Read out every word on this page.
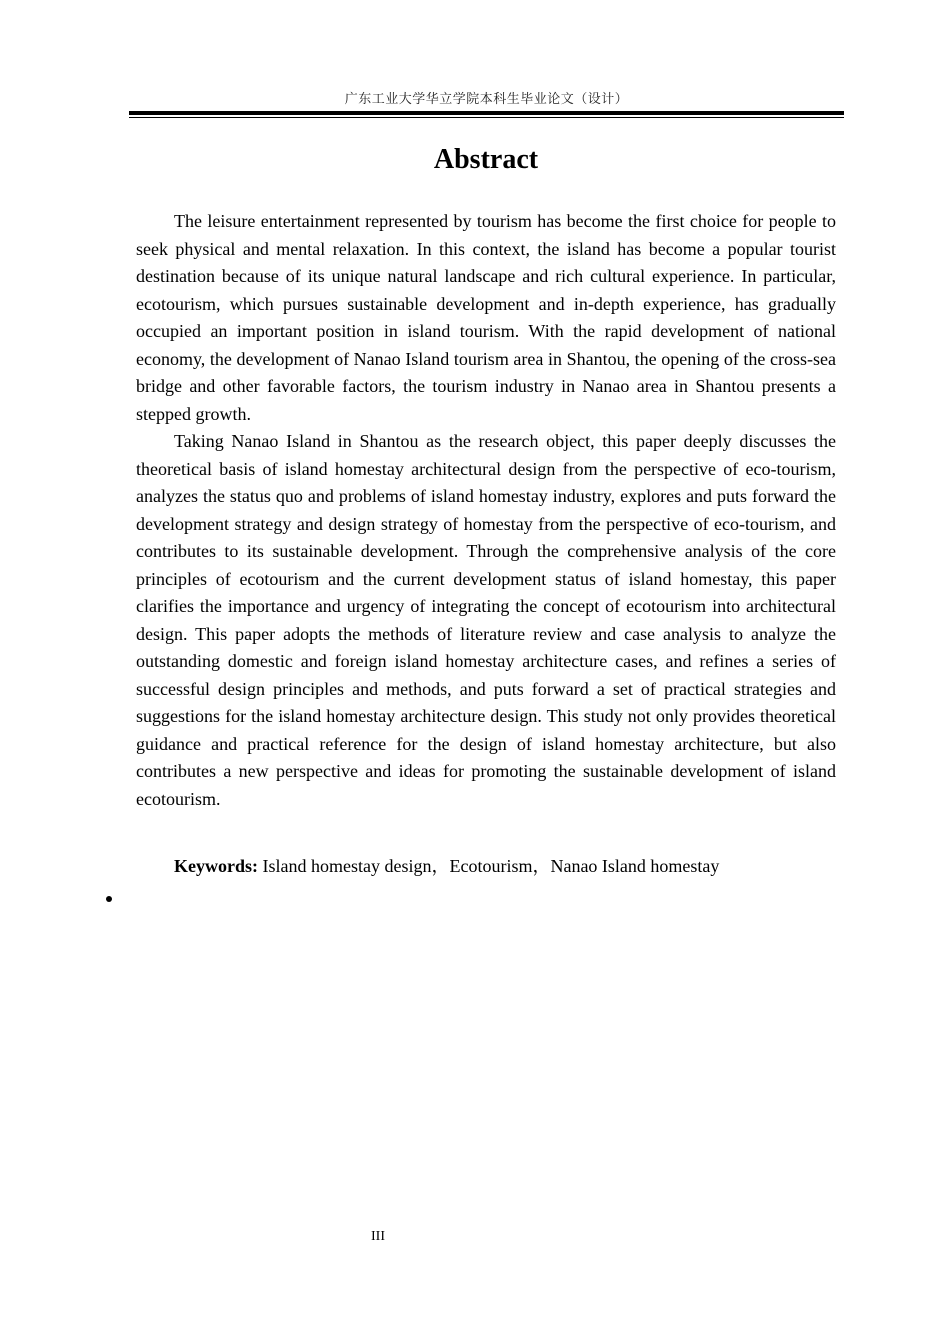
广东工业大学华立学院本科生毕业论文（设计）
Abstract

The leisure entertainment represented by tourism has become the first choice for people to seek physical and mental relaxation. In this context, the island has become a popular tourist destination because of its unique natural landscape and rich cultural experience. In particular, ecotourism, which pursues sustainable development and in-depth experience, has gradually occupied an important position in island tourism. With the rapid development of national economy, the development of Nanao Island tourism area in Shantou, the opening of the cross-sea bridge and other favorable factors, the tourism industry in Nanao area in Shantou presents a stepped growth.

Taking Nanao Island in Shantou as the research object, this paper deeply discusses the theoretical basis of island homestay architectural design from the perspective of eco-tourism, analyzes the status quo and problems of island homestay industry, explores and puts forward the development strategy and design strategy of homestay from the perspective of eco-tourism, and contributes to its sustainable development. Through the comprehensive analysis of the core principles of ecotourism and the current development status of island homestay, this paper clarifies the importance and urgency of integrating the concept of ecotourism into architectural design. This paper adopts the methods of literature review and case analysis to analyze the outstanding domestic and foreign island homestay architecture cases, and refines a series of successful design principles and methods, and puts forward a set of practical strategies and suggestions for the island homestay architecture design. This study not only provides theoretical guidance and practical reference for the design of island homestay architecture, but also contributes a new perspective and ideas for promoting the sustainable development of island ecotourism.

Keywords: Island homestay design，Ecotourism，Nanao Island homestay
III
